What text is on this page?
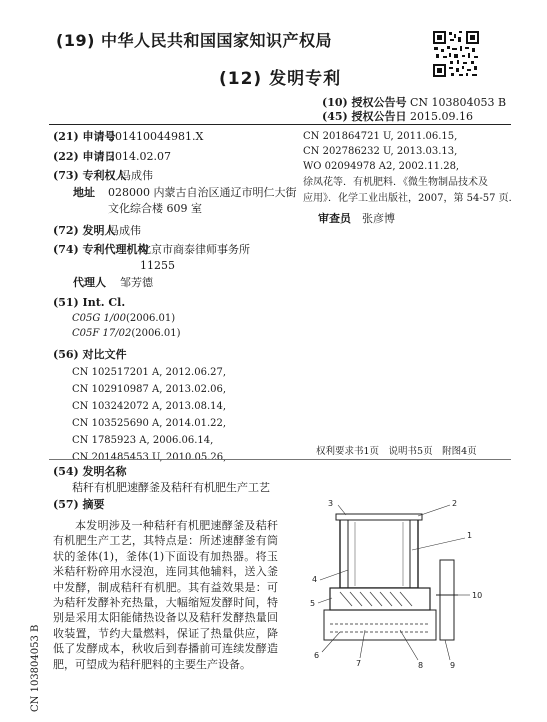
(19) 中华人民共和国国家知识产权局
(12) 发明专利
(10) 授权公告号 CN 103804053 B
(45) 授权公告日 2015.09.16
(21) 申请号
201410044981.X
(22) 申请日
2014.02.07
(73) 专利权人
冯成伟
地址 028000 内蒙古自治区通辽市明仁大街
文化综合楼 609 室
(72) 发明人
冯成伟
(74) 专利代理机构
北京市商泰律师事务所
11255
代理人 邹芳德
(51) Int. Cl.
C05G 1/00(2006.01)
C05F 17/02(2006.01)
(56) 对比文件
CN 102517201 A, 2012.06.27,
CN 102910987 A, 2013.02.06,
CN 103242072 A, 2013.08.14,
CN 103525690 A, 2014.01.22,
CN 1785923 A, 2006.06.14,
CN 201485453 U, 2010.05.26,
CN 201864721 U, 2011.06.15,
CN 202786232 U, 2013.03.13,
WO 02094978 A2, 2002.11.28,
徐凤花等．有机肥料．《微生物制品技术及
应用》．化学工业出版社，2007，第 54-57 页．
审查员 张彦博
权利要求书1页　说明书5页　附图4页
(54) 发明名称
秸秆有机肥速酵釜及秸秆有机肥生产工艺
(57) 摘要
本发明涉及一种秸秆有机肥速酵釜及秸秆有机肥生产工艺，其特点是：所述速酵釜有筒状的釜体(1)，釜体(1)下面设有加热器。将玉米秸秆粉碎用水浸泡，连同其他辅料，送入釜中发酵，制成秸秆有机肥。其有益效果是：可为秸秆发酵补充热量，大幅缩短发酵时间，特别是采用太阳能储热设备以及秸秆发酵热量回收装置，节约大量燃料，保证了热量供应，降低了发酵成本，秋收后到春播前可连续发酵造肥，可望成为秸秆肥料的主要生产设备。
3	2
1
4
10
5
6
7	8	9
CN 103804053 B
